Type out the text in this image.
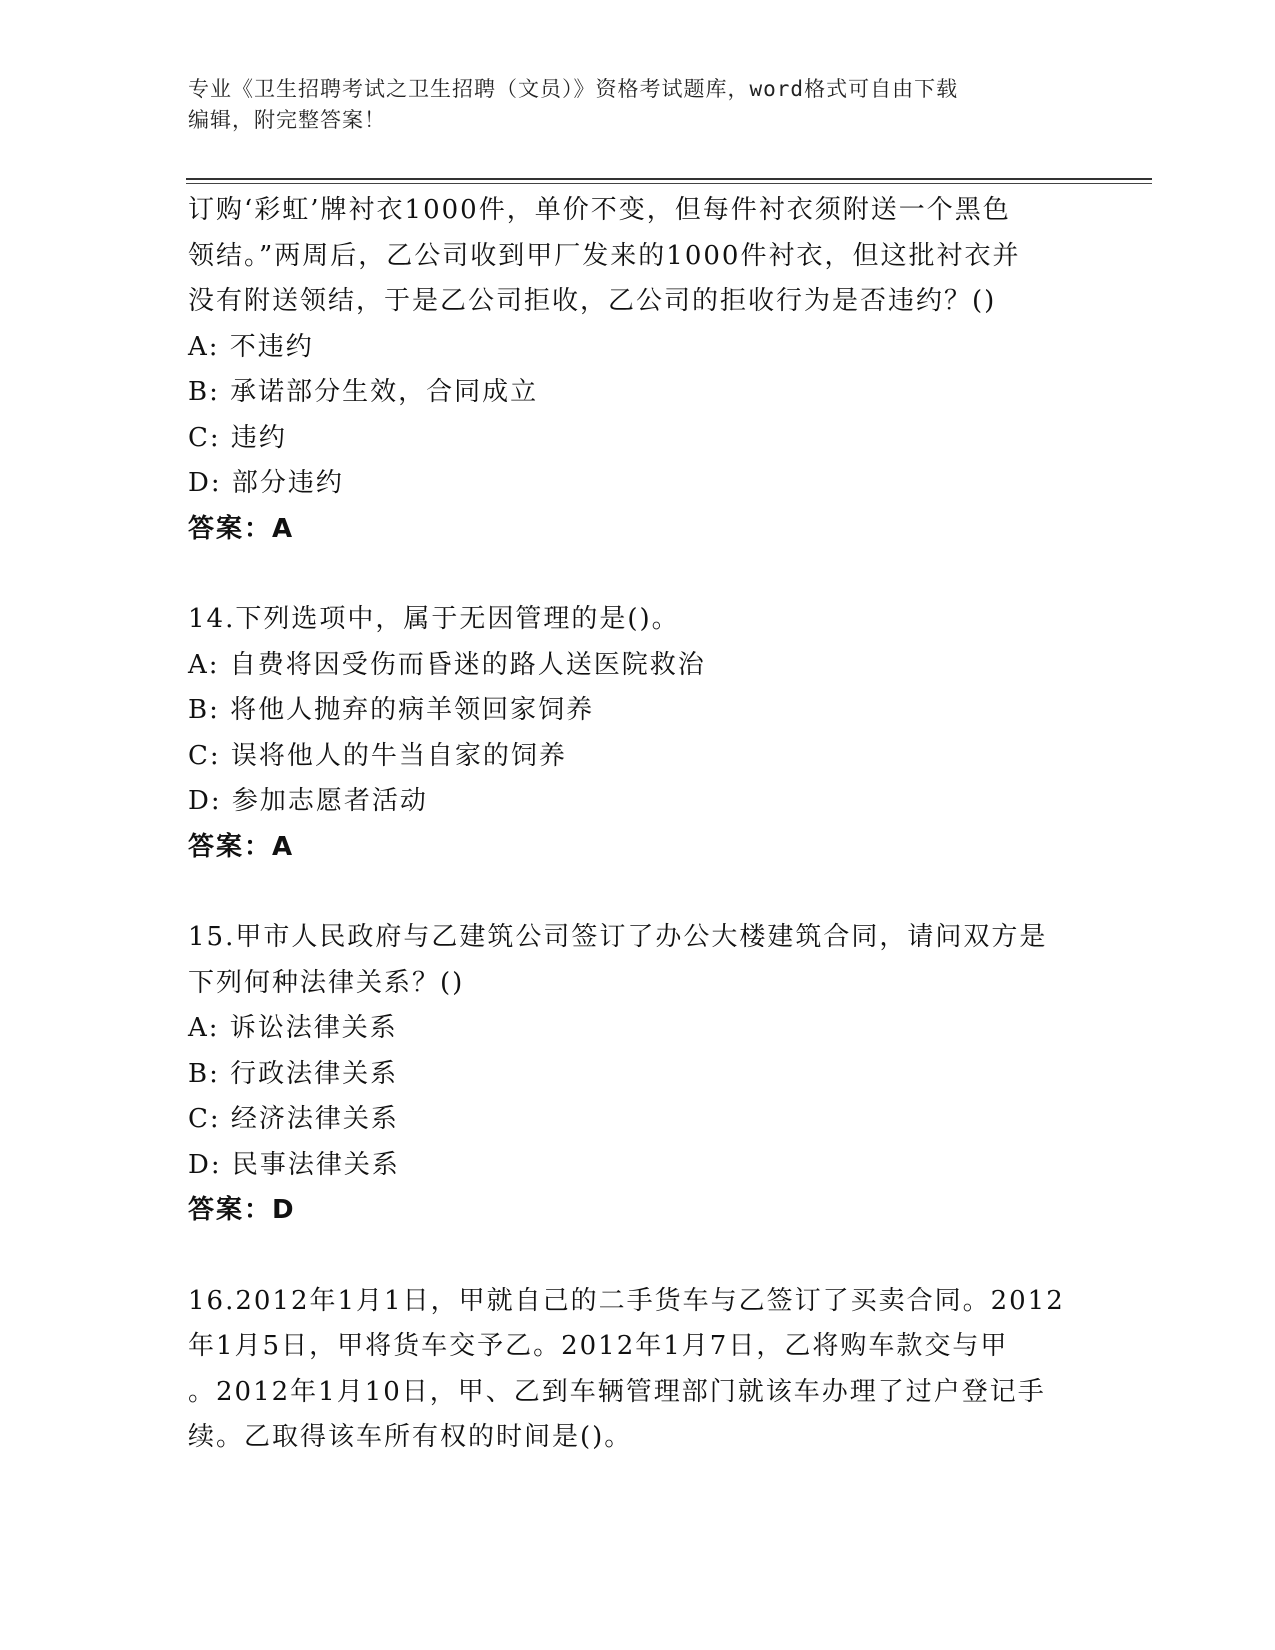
专业《卫生招聘考试之卫生招聘（文员）》资格考试题库，word格式可自由下载
编辑，附完整答案！
订购‘彩虹’牌衬衣1000件，单价不变，但每件衬衣须附送一个黑色
领结。”两周后，乙公司收到甲厂发来的1000件衬衣，但这批衬衣并
没有附送领结，于是乙公司拒收，乙公司的拒收行为是否违约？()
A: 不违约
B: 承诺部分生效，合同成立
C: 违约
D: 部分违约
答案：A
14.下列选项中，属于无因管理的是()。
A: 自费将因受伤而昏迷的路人送医院救治
B: 将他人抛弃的病羊领回家饲养
C: 误将他人的牛当自家的饲养
D: 参加志愿者活动
答案：A
15.甲市人民政府与乙建筑公司签订了办公大楼建筑合同，请问双方是
下列何种法律关系？()
A: 诉讼法律关系
B: 行政法律关系
C: 经济法律关系
D: 民事法律关系
答案：D
16.2012年1月1日，甲就自己的二手货车与乙签订了买卖合同。2012
年1月5日，甲将货车交予乙。2012年1月7日，乙将购车款交与甲
。2012年1月10日，甲、乙到车辆管理部门就该车办理了过户登记手
续。乙取得该车所有权的时间是()。
